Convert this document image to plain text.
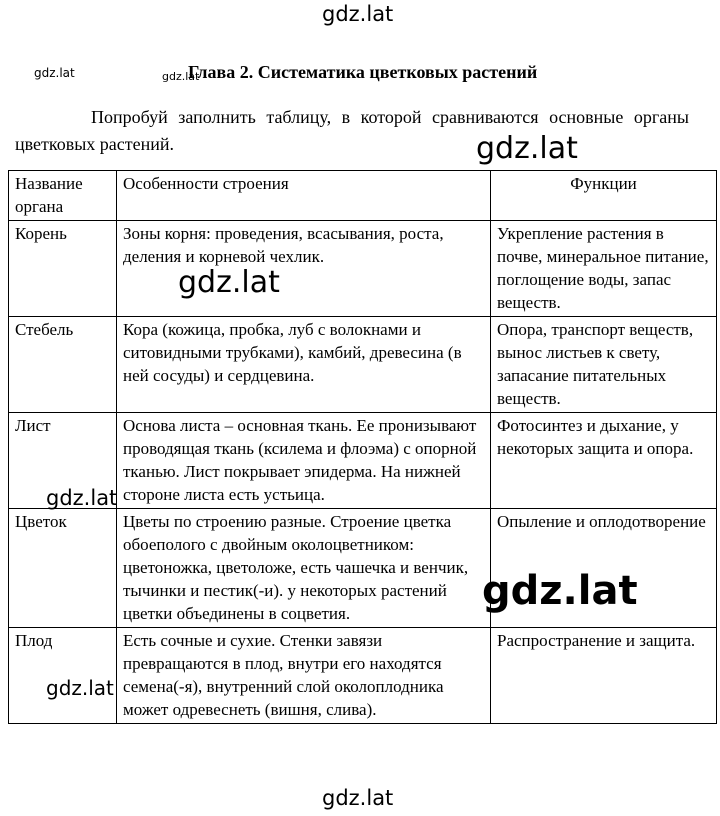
Глава 2. Систематика цветковых растений
Попробуй заполнить таблицу, в которой сравниваются основные органы цветковых растений.
Название органа	Особенности строения	Функции
Корень	Зоны корня: проведения, всасывания, роста, деления и корневой чехлик.	Укрепление растения в почве, минеральное питание, поглощение воды, запас веществ.
Стебель	Кора (кожица, пробка, луб с волокнами и ситовидными трубками), камбий, древесина (в ней сосуды) и сердцевина.	Опора, транспорт веществ, вынос листьев к свету, запасание питательных веществ.
Лист	Основа листа – основная ткань. Ее пронизывают проводящая ткань (ксилема и флоэма) с опорной тканью. Лист покрывает эпидерма. На нижней стороне листа есть устьица.	Фотосинтез и дыхание, у некоторых защита и опора.
Цветок	Цветы по строению разные. Строение цветка обоеполого с двойным околоцветником: цветоножка, цветоложе, есть чашечка и венчик, тычинки и пестик(-и). у некоторых растений цветки объединены в соцветия.	Опыление и оплодотворение
Плод	Есть сочные и сухие. Стенки завязи превращаются в плод, внутри его находятся семена(-я), внутренний слой околоплодника может одревеснеть (вишня, слива).	Распространение и защита.
gdz.lat
gdz.lat	gdz.lat
gdz.lat
gdz.lat
gdz.lat
gdz.lat
gdz.lat
gdz.lat
